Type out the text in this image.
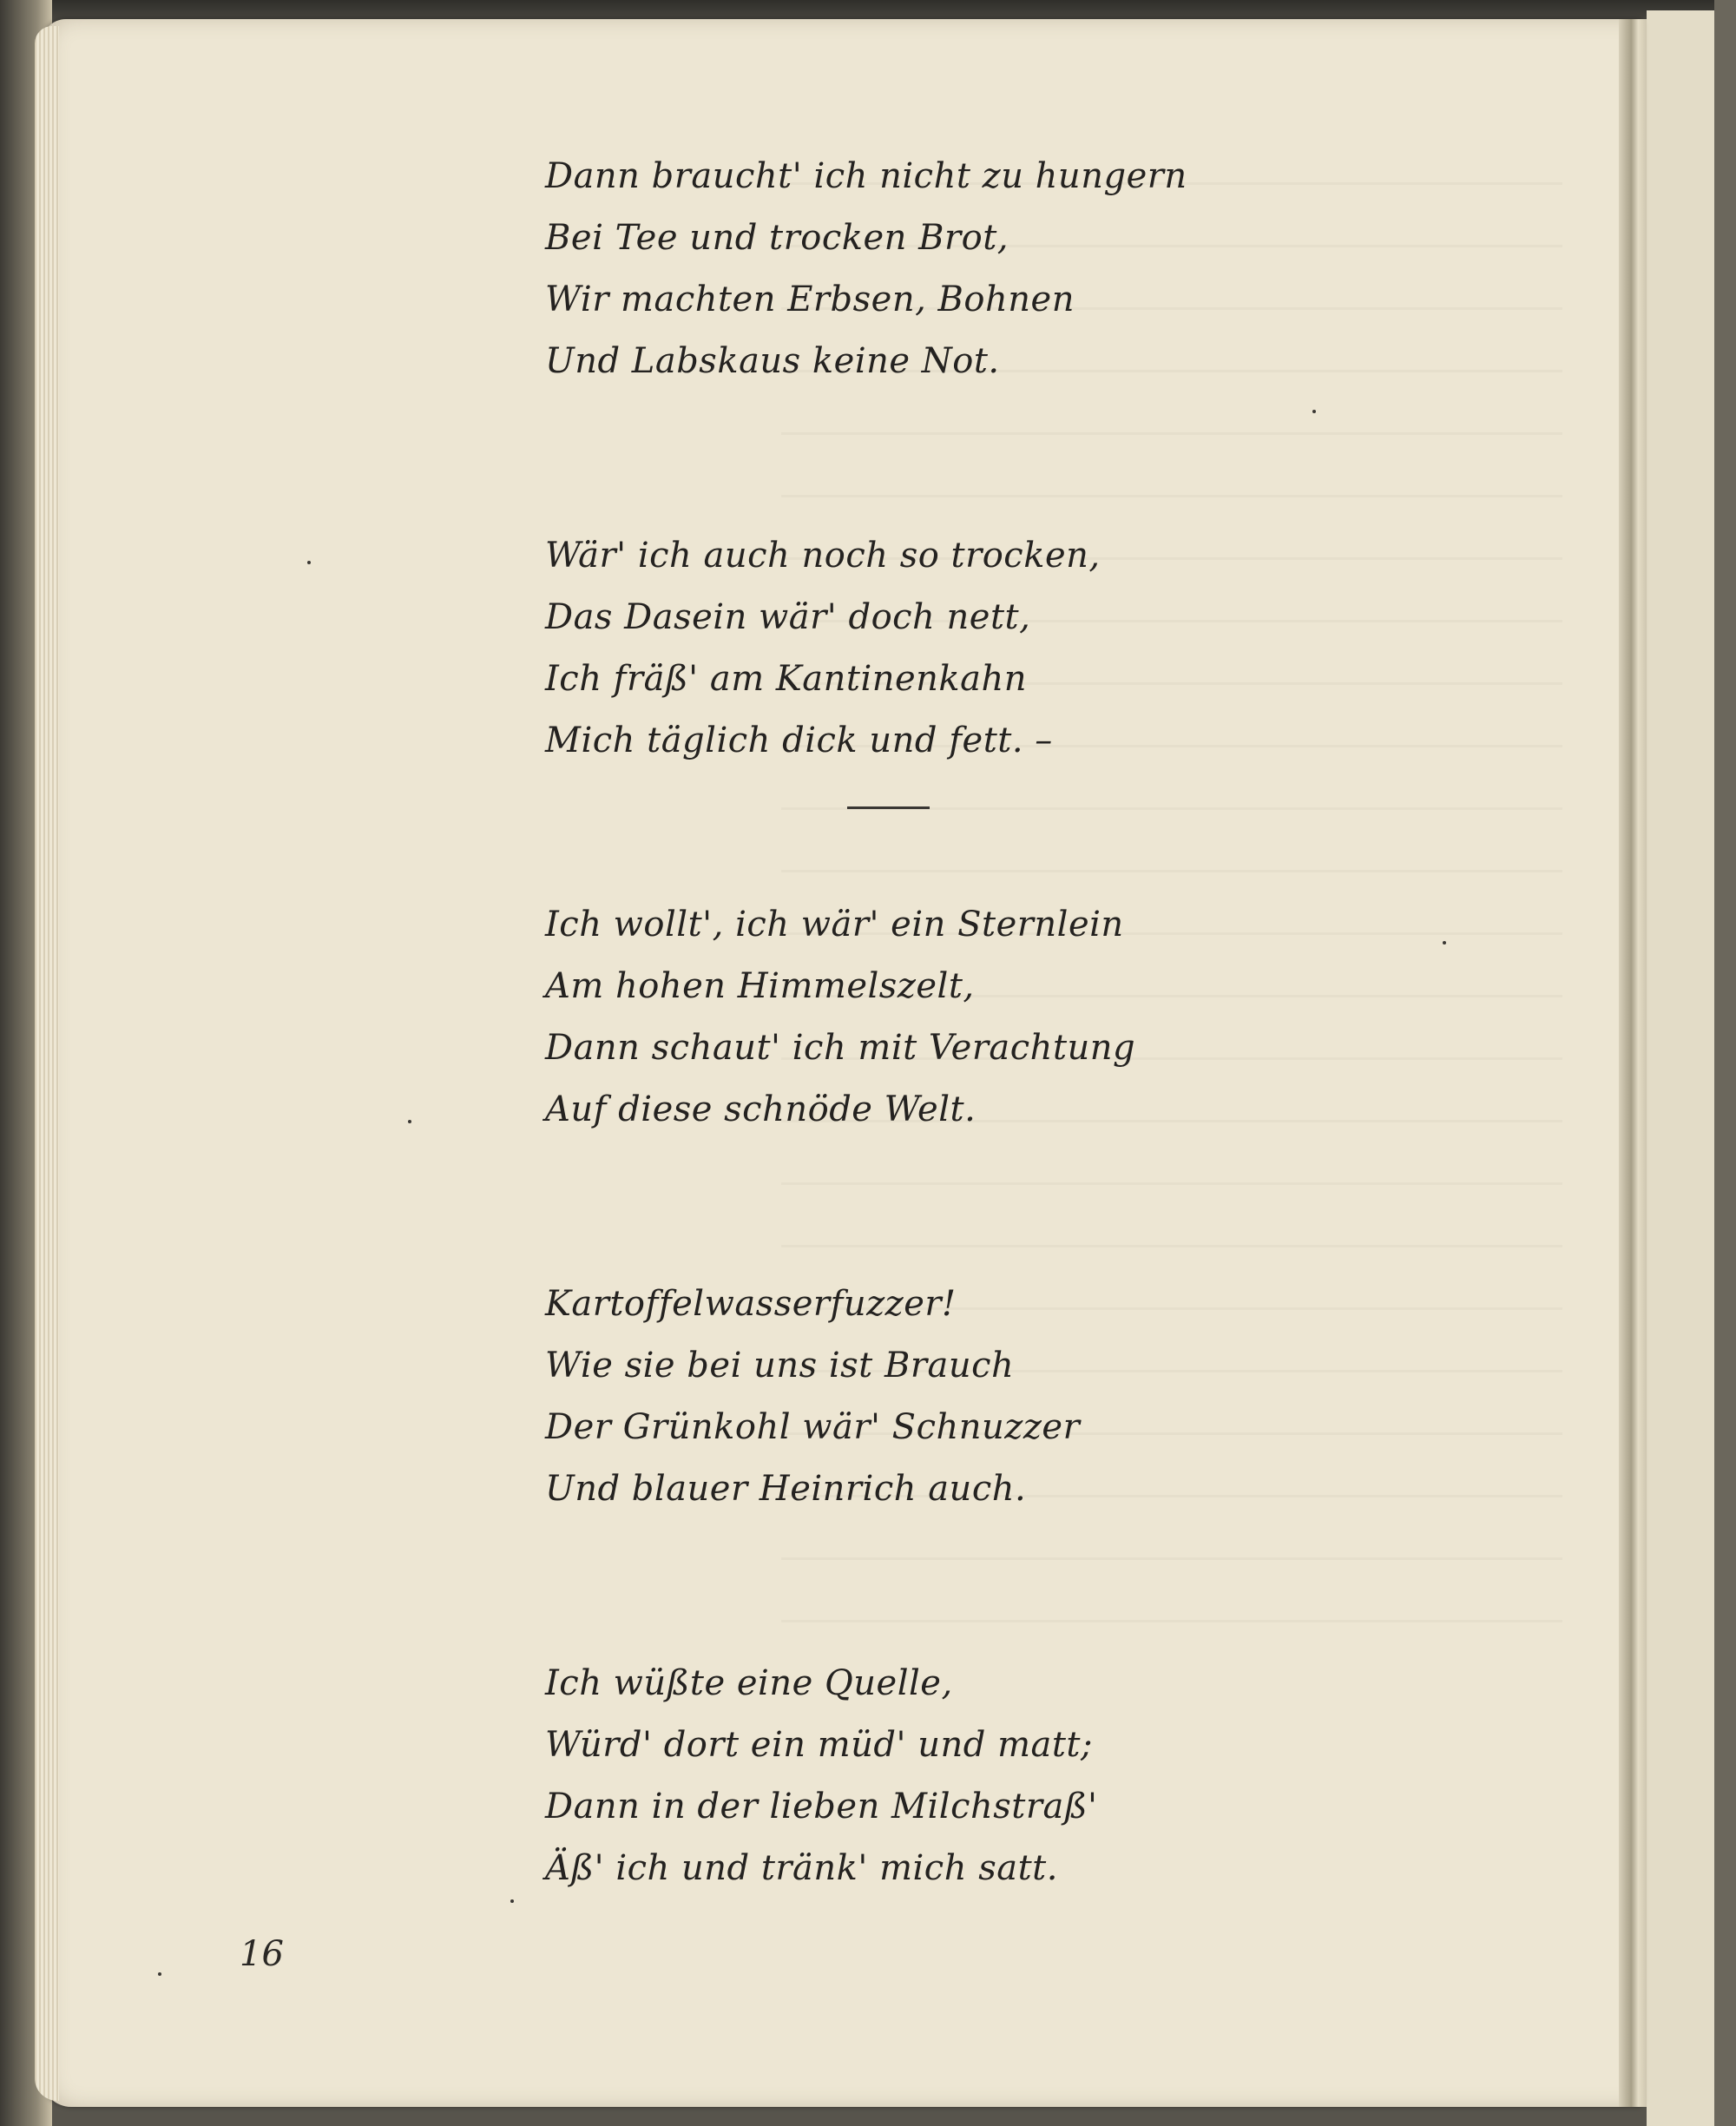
Dann braucht' ich nicht zu hungern
Bei Tee und trocken Brot,
Wir machten Erbsen, Bohnen
Und Labskaus keine Not.
Wär' ich auch noch so trocken,
Das Dasein wär' doch nett,
Ich fräß' am Kantinenkahn
Mich täglich dick und fett. –
Ich wollt', ich wär' ein Sternlein
Am hohen Himmelszelt,
Dann schaut' ich mit Verachtung
Auf diese schnöde Welt.
Kartoffelwasserfuzzer!
Wie sie bei uns ist Brauch
Der Grünkohl wär' Schnuzzer
Und blauer Heinrich auch.
Ich wüßte eine Quelle,
Würd' dort ein müd' und matt;
Dann in der lieben Milchstraß'
Äß' ich und tränk' mich satt.
16
